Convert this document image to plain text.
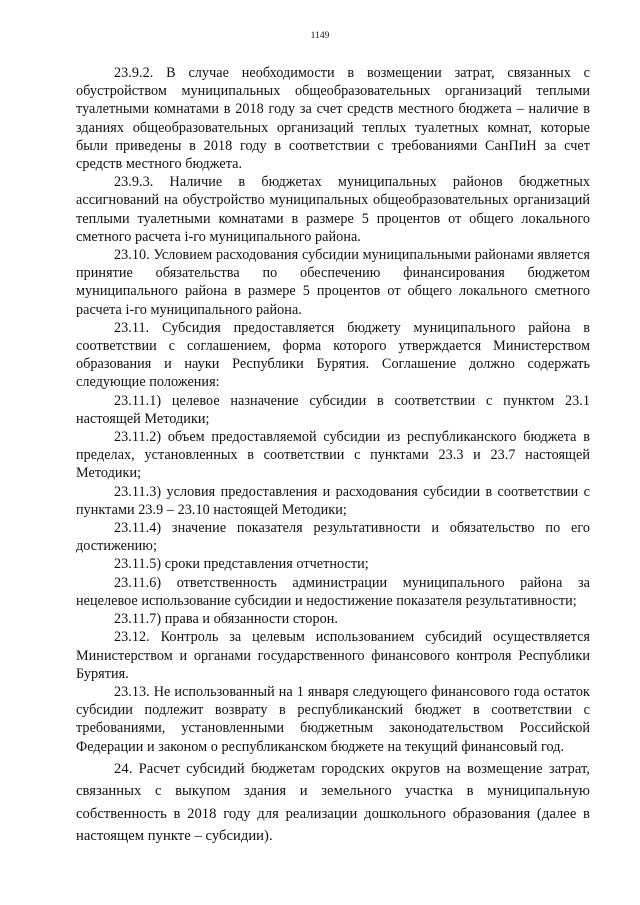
1149

23.9.2. В случае необходимости в возмещении затрат, связанных с обустройством муниципальных общеобразовательных организаций теплыми туалетными комнатами в 2018 году за счет средств местного бюджета – наличие в зданиях общеобразовательных организаций теплых туалетных комнат, которые были приведены в 2018 году в соответствии с требованиями СанПиН за счет средств местного бюджета.

23.9.3. Наличие в бюджетах муниципальных районов бюджетных ассигнований на обустройство муниципальных общеобразовательных организаций теплыми туалетными комнатами в размере 5 процентов от общего локального сметного расчета i-го муниципального района.

23.10. Условием расходования субсидии муниципальными районами является принятие обязательства по обеспечению финансирования бюджетом муниципального района в размере 5 процентов от общего локального сметного расчета i-го муниципального района.

23.11. Субсидия предоставляется бюджету муниципального района в соответствии с соглашением, форма которого утверждается Министерством образования и науки Республики Бурятия. Соглашение должно содержать следующие положения:

23.11.1) целевое назначение субсидии в соответствии с пунктом 23.1 настоящей Методики;

23.11.2) объем предоставляемой субсидии из республиканского бюджета в пределах, установленных в соответствии с пунктами 23.3 и 23.7 настоящей Методики;

23.11.3) условия предоставления и расходования субсидии в соответствии с пунктами 23.9 – 23.10 настоящей Методики;

23.11.4) значение показателя результативности и обязательство по его достижению;

23.11.5) сроки представления отчетности;

23.11.6) ответственность администрации муниципального района за нецелевое использование субсидии и недостижение показателя результативности;

23.11.7) права и обязанности сторон.

23.12. Контроль за целевым использованием субсидий осуществляется Министерством и органами государственного финансового контроля Республики Бурятия.

23.13. Не использованный на 1 января следующего финансового года остаток субсидии подлежит возврату в республиканский бюджет в соответствии с требованиями, установленными бюджетным законодательством Российской Федерации и законом о республиканском бюджете на текущий финансовый год.

24. Расчет субсидий бюджетам городских округов на возмещение затрат, связанных с выкупом здания и земельного участка в муниципальную собственность в 2018 году для реализации дошкольного образования (далее в настоящем пункте – субсидии).
